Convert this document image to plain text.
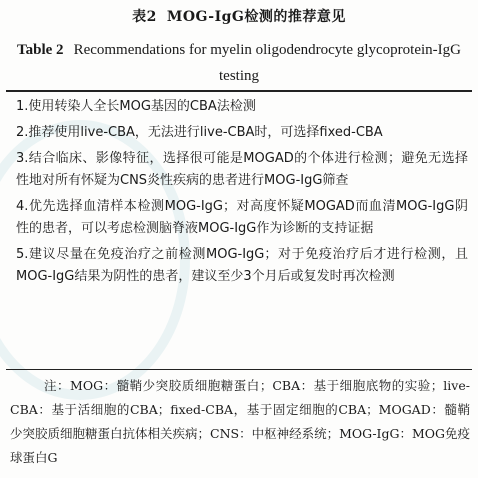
表2 MOG-IgG检测的推荐意见
Table 2 Recommendations for myelin oligodendrocyte glycoprotein-IgG testing
1.使用转染人全长MOG基因的CBA法检测
2.推荐使用live-CBA，无法进行live-CBA时，可选择fixed-CBA
3.结合临床、影像特征，选择很可能是MOGAD的个体进行检测；避免无选择性地对所有怀疑为CNS炎性疾病的患者进行MOG-IgG筛查
4.优先选择血清样本检测MOG-IgG；对高度怀疑MOGAD而血清MOG-IgG阴性的患者，可以考虑检测脑脊液MOG-IgG作为诊断的支持证据
5.建议尽量在免疫治疗之前检测MOG-IgG；对于免疫治疗后才进行检测，且MOG-IgG结果为阴性的患者，建议至少3个月后或复发时再次检测
注：MOG：髓鞘少突胶质细胞糖蛋白；CBA：基于细胞底物的实验；live-CBA：基于活细胞的CBA；fixed-CBA，基于固定细胞的CBA；MOGAD：髓鞘少突胶质细胞糖蛋白抗体相关疾病；CNS：中枢神经系统；MOG-IgG：MOG免疫球蛋白G
